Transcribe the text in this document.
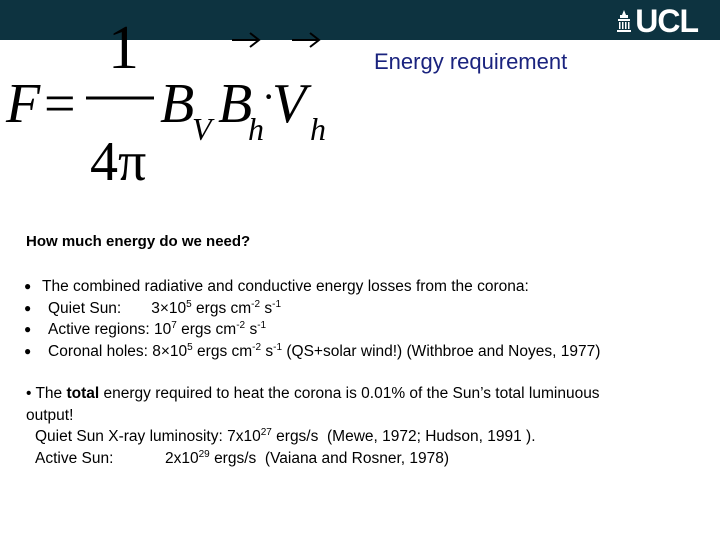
UCL
F =
1
4π
B
V B
h
·
V h
Energy requirement
How much energy do we need?
● The combined radiative and conductive energy losses from the corona:
● Quiet Sun: $3\times 10^5$ ergs $cm^{-2}$ $s^{-1}$
● Active regions: $10^7$ ergs $cm^{-2}$ $s^{-1}$
● Coronal holes: $8\times 10^5$ ergs $cm^{-2}$ $s^{-1}$ (QS+solar wind!) (Withbroe and Noyes, 1977)
• The total energy required to heat the corona is 0.01% of the Sun’s total luminuous
output!
Quiet Sun X-ray luminosity: $7x10^{27}$ ergs/s (Mewe, 1972; Hudson, 1991 ).
Active Sun:	$2x10^{29}$ ergs/s (Vaiana and Rosner, 1978)
